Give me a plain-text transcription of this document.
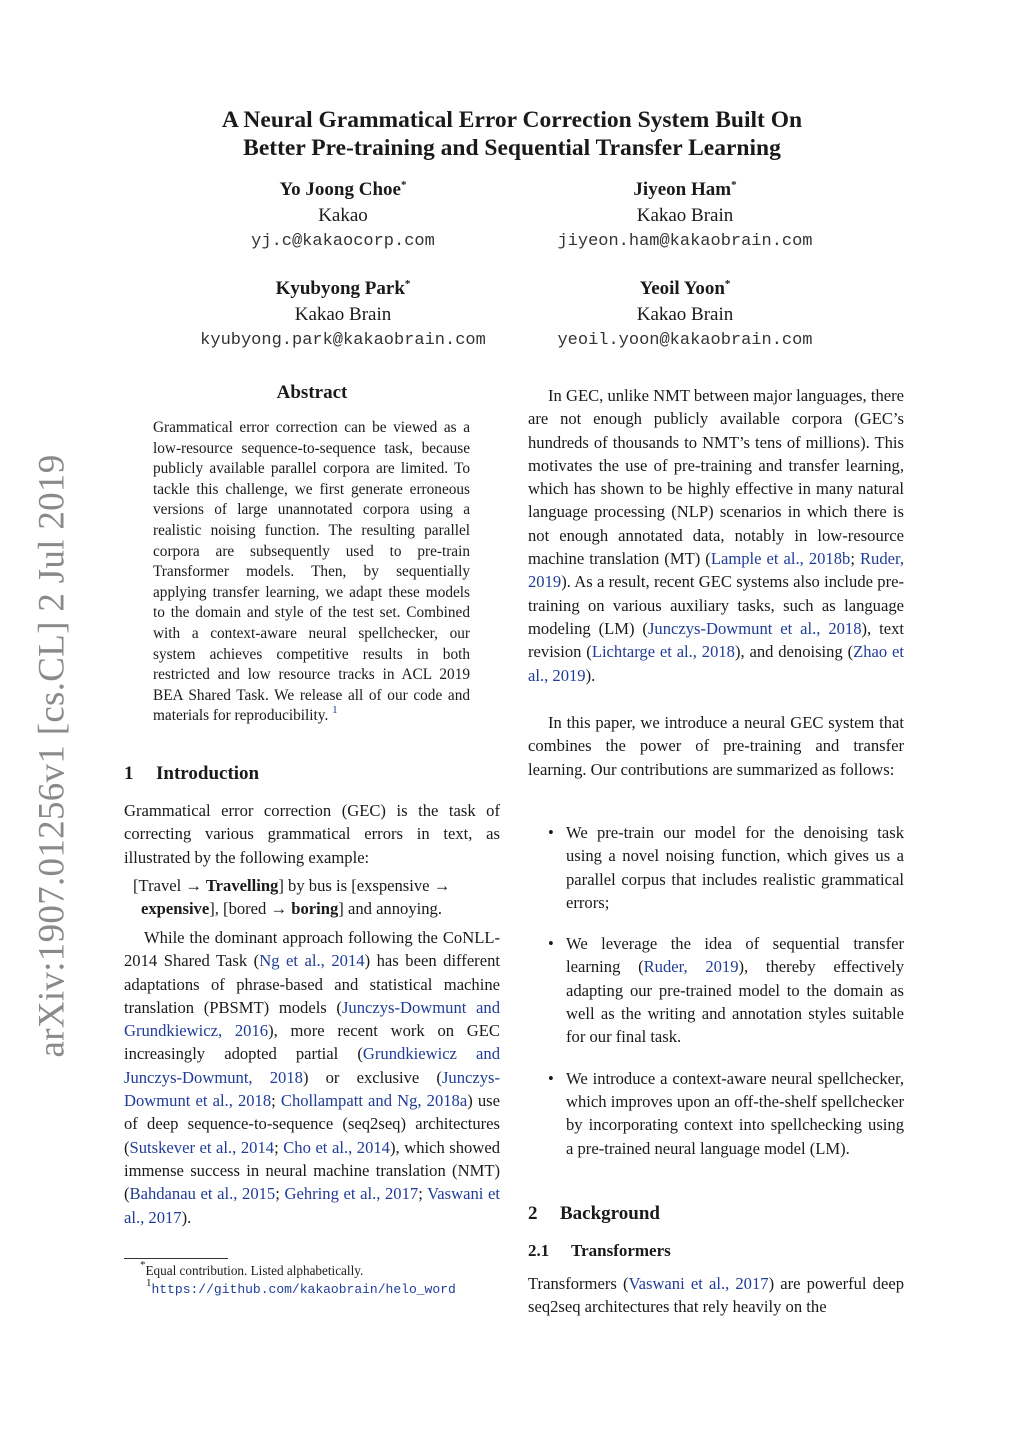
A Neural Grammatical Error Correction System Built On
Better Pre-training and Sequential Transfer Learning
Yo Joong Choe*
Kakao
yj.c@kakaocorp.com
Jiyeon Ham*
Kakao Brain
jiyeon.ham@kakaobrain.com
Kyubyong Park*
Kakao Brain
kyubyong.park@kakaobrain.com
Yeoil Yoon*
Kakao Brain
yeoil.yoon@kakaobrain.com
arXiv:1907.01256v1 [cs.CL] 2 Jul 2019
Abstract

Grammatical error correction can be viewed as a low-resource sequence-to-sequence task, because publicly available parallel corpora are limited. To tackle this challenge, we first generate erroneous versions of large unannotated corpora using a realistic noising function. The resulting parallel corpora are subsequently used to pre-train Transformer models. Then, by sequentially applying transfer learning, we adapt these models to the domain and style of the test set. Combined with a context-aware neural spellchecker, our system achieves competitive results in both restricted and low resource tracks in ACL 2019 BEA Shared Task. We release all of our code and materials for reproducibility. $^1$

1 Introduction

Grammatical error correction (GEC) is the task of correcting various grammatical errors in text, as illustrated by the following example:

[Travel → Travelling] by bus is [exspensive → expensive], [bored → boring] and annoying.

While the dominant approach following the CoNLL-2014 Shared Task (Ng et al., 2014) has been different adaptations of phrase-based and statistical machine translation (PBSMT) models (Junczys-Dowmunt and Grundkiewicz, 2016), more recent work on GEC increasingly adopted partial (Grundkiewicz and Junczys-Dowmunt, 2018) or exclusive (Junczys-Dowmunt et al., 2018; Chollampatt and Ng, 2018a) use of deep sequence-to-sequence (seq2seq) architectures (Sutskever et al., 2014; Cho et al., 2014), which showed immense success in neural machine translation (NMT) (Bahdanau et al., 2015; Gehring et al., 2017; Vaswani et al., 2017).

*Equal contribution. Listed alphabetically.
$^1$https://github.com/kakaobrain/helo_word

In GEC, unlike NMT between major languages, there are not enough publicly available corpora (GEC’s hundreds of thousands to NMT’s tens of millions). This motivates the use of pre-training and transfer learning, which has shown to be highly effective in many natural language processing (NLP) scenarios in which there is not enough annotated data, notably in low-resource machine translation (MT) (Lample et al., 2018b; Ruder, 2019). As a result, recent GEC systems also include pre-training on various auxiliary tasks, such as language modeling (LM) (Junczys-Dowmunt et al., 2018), text revision (Lichtarge et al., 2018), and denoising (Zhao et al., 2019).

In this paper, we introduce a neural GEC system that combines the power of pre-training and transfer learning. Our contributions are summarized as follows:

• We pre-train our model for the denoising task using a novel noising function, which gives us a parallel corpus that includes realistic grammatical errors;
• We leverage the idea of sequential transfer learning (Ruder, 2019), thereby effectively adapting our pre-trained model to the domain as well as the writing and annotation styles suitable for our final task.
• We introduce a context-aware neural spellchecker, which improves upon an off-the-shelf spellchecker by incorporating context into spellchecking using a pre-trained neural language model (LM).
2 Background
2.1 Transformers

Transformers (Vaswani et al., 2017) are powerful deep seq2seq architectures that rely heavily on the
